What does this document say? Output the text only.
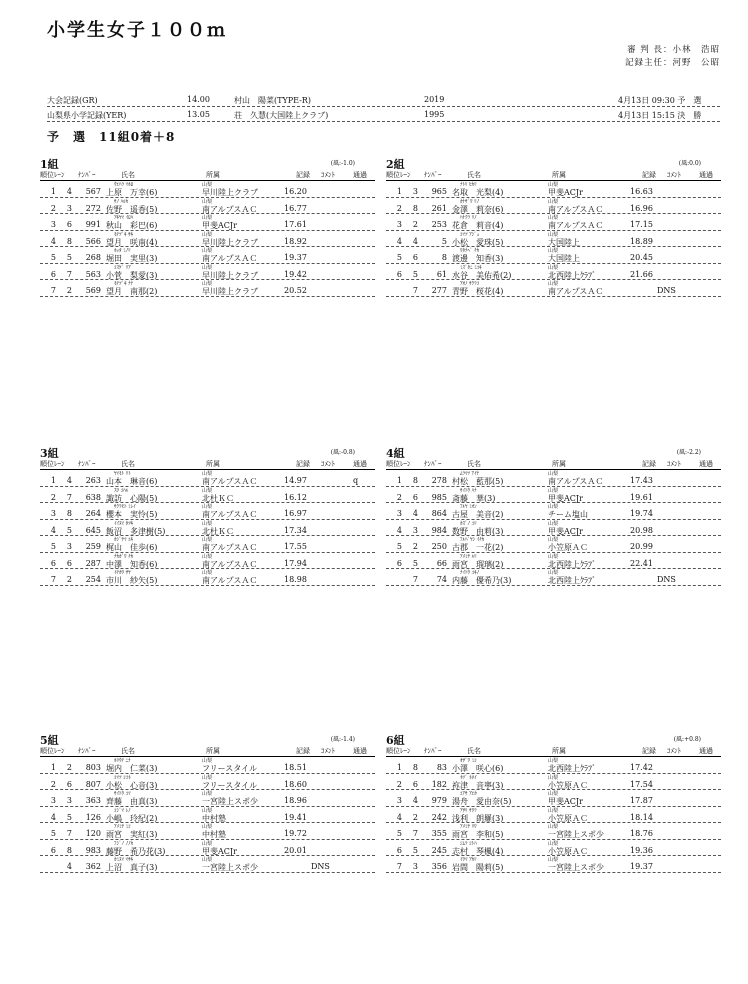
小学生女子１００ｍ
審 判 長：小林　浩昭
記録主任：河野　公昭
大会記録(GR)	14.00	村山　陽菜(TYPE-R)	2019	4月13日 09:30 予　選
山梨県小学記録(YER)	13.05	荘　久慧(大国陸上クラブ)	1995	4月13日 15:15 決　勝
予　選　11組0着＋8
1組	(風:-1.0)
順位 ﾚｰﾝ ﾅﾝﾊﾞｰ	氏名	所属	記録 ｺﾒﾝﾄ	通過
ｳｴﾊﾗ ﾏﾎﾛ	山梨
1	4	567 上原　万幸(6)	早川陸上クラブ	16.20
ｻﾉ ﾊﾙｶ	山梨
2	3	272 佐野　遥香(5)	南アルプスＡＣ	16.77
ｱｷﾔﾏ ｲﾛﾊ	山梨
3	6	991 秋山　彩巴(6)	甲斐ACJr	17.61
ﾓﾁﾂﾞｷ ｻｷ	山梨
4	8	566 望月　咲南(4)	早川陸上クラブ	18.92
ﾎｯﾀ ﾐﾉﾘ	山梨
5	5	268 堀田　実里(3)	南アルプスＡＣ	19.37
ｺｽｹﾞ ﾘｱ	山梨
6	7	563 小菅　梨愛(3)	早川陸上クラブ	19.42
ﾓﾁﾂﾞｷ ﾅﾅ	山梨
7	2	569 望月　南那(2)	早川陸上クラブ	20.52
2組	(風:0.0)
順位 ﾚｰﾝ ﾅﾝﾊﾞｰ	氏名	所属	記録 ｺﾒﾝﾄ	通過
ﾅﾄﾘ ﾋｶﾘ	山梨
1	3	965 名取　光梨(4)	甲斐ACJr	16.63
ｶﾅｻﾞﾜ ﾘﾉ	山梨
2	8	261 金澤　莉奈(6)	南アルプスＡＣ	16.96
ﾊﾅｸﾗ ﾘﾉ	山梨
3	2	253 花倉　莉音(4)	南アルプスＡＣ	17.15
ｺﾏﾂ ｱｼﾞｭ	山梨
4	4	5 小松　愛珠(5)	大国陸上	18.89
ﾜﾀﾅﾍﾞ ﾁｶ	山梨
5	6	8 渡邊　知香(3)	大国陸上	20.45
ﾐｽﾞﾀﾆ ﾐﾕｷ	山梨
6	5	61 水谷　美佑希(2)	北西陸上ｸﾗﾌﾞ	21.66
ｱｵﾉ ｻｸﾗｺ	山梨
7	277 青野　桜花(4)	南アルプスＡＣ	DNS
3組	(風:-0.8)
順位 ﾚｰﾝ ﾅﾝﾊﾞｰ	氏名	所属	記録 ｺﾒﾝﾄ	通過
ﾔﾏﾓﾄ ﾘﾄ	山梨
1	4	263 山本　琳音(6)	南アルプスＡＣ	14.97	q
ｽﾜ ｺﾊﾙ	山梨
2	7	638 諏訪　心陽(5)	北杜ＫＣ	16.12
ｻｸﾗﾓﾄ ﾐﾚｲ	山梨
3	8	264 櫻本　実怜(5)	南アルプスＡＣ	16.97
ｲｲﾇﾏ ﾀﾂｷ	山梨
4	5	645 飯沼　多津樹(5)	北杜ＫＣ	17.34
ｶｼﾞﾔﾏ ﾕｷ	山梨
5	3	259 梶山　佳歩(6)	南アルプスＡＣ	17.55
ﾅｶｶﾞﾜ ﾁｶ	山梨
6	6	287 中澤　知香(6)	南アルプスＡＣ	17.94
ｲﾁｶﾜ ｻﾔ	山梨
7	2	254 市川　紗矢(5)	南アルプスＡＣ	18.98
4組	(風:-2.2)
順位 ﾚｰﾝ ﾅﾝﾊﾞｰ	氏名	所属	記録 ｺﾒﾝﾄ	通過
ﾑﾗﾏﾂ ｱｲﾅ	山梨
1	8	278 村松　藍那(5)	南アルプスＡＣ	17.43
ｻｲﾄｳ ﾊﾅ	山梨
2	6	985 斎藤　華(3)	甲斐ACJr	19.61
ﾌﾙﾔ ﾐｵﾝ	山梨
3	4	864 古屋　美音(2)	チーム塩山	19.74
ｶｽﾞﾉ ﾕﾘ	山梨
4	3	984 数野　由莉(3)	甲斐ACJr	20.98
ﾌﾙﾊﾞﾔｼ ｲﾁｶ	山梨
5	2	250 古郡　一花(2)	小笠原ＡＣ	20.99
ｱﾒﾐﾔ ﾙﾘ	山梨
6	5	66 雨宮　瑠璃(2)	北西陸上ｸﾗﾌﾞ	22.41
ﾅｲﾄｳ ﾕｷﾉ	山梨
7	74 内藤　優希乃(3)	北西陸上ｸﾗﾌﾞ	DNS
5組	(風:-1.4)
順位 ﾚｰﾝ ﾅﾝﾊﾞｰ	氏名	所属	記録 ｺﾒﾝﾄ	通過
ﾎﾘｳﾁ ﾆﾅ	山梨
1	2	803 堀内　仁菜(3)	フリースタイル	18.51
ｺﾏﾂ ｺｺﾈ	山梨
2	6	807 小松　心音(3)	フリースタイル	18.60
ｻｲﾄｳ ﾕﾏ	山梨
3	3	363 齊藤　由真(3)	一宮陸上スポ少	18.96
ｺｼﾞﾏ ﾚﾉ	山梨
4	5	126 小嶋　玲紀(2)	中村塾	19.41
ｱﾒﾐﾔ ﾐｺ	山梨
5	7	120 雨宮　実紅(3)	中村塾	19.72
ﾌｼﾞﾉ ﾉﾉｶ	山梨
6	8	983 藤野　希乃花(3)	甲斐ACJr	20.01
ｶﾐﾇﾏ ﾏｻｷ	山梨
4	362 上沼　真子(3)	一宮陸上スポ少	DNS
6組	(風:+0.8)
順位 ﾚｰﾝ ﾅﾝﾊﾞｰ	氏名	所属	記録 ｺﾒﾝﾄ	通過
ｵｻﾞﾜ ﾐｺ	山梨
1	8	83 小澤　咲心(6)	北西陸上ｸﾗﾌﾞ	17.42
ﾈﾂﾞ ﾈﾈｲ	山梨
2	6	182 祢津　音寧(3)	小笠原ＡＣ	17.54
ﾕｱｻ ｱｴｶ	山梨
3	4	979 湯舟　愛由奈(5)	甲斐ACJr	17.87
ｱｻﾘ ｻﾜﾗ	山梨
4	2	242 浅利　朗羅(3)	小笠原ＡＣ	18.14
ｱﾒﾐﾔ ﾘﾜ	山梨
5	7	355 雨宮　李和(5)	一宮陸上スポ少	18.76
ｼﾑﾗ ｺﾄﾊ	山梨
6	5	245 志村　琴楓(4)	小笠原ＡＣ	19.36
ｲﾜﾏ ｱｶﾘ	山梨
7	3	356 岩間　陽莉(5)	一宮陸上スポ少	19.37
